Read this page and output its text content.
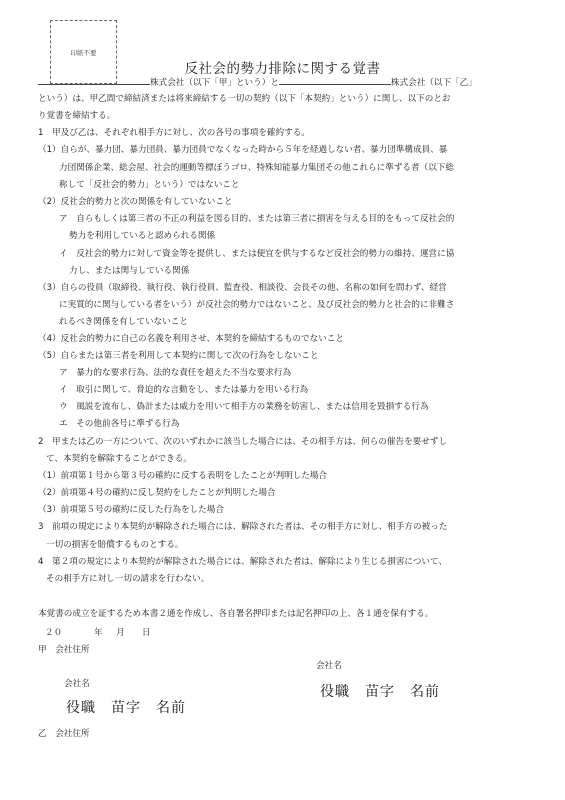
印紙不要
反社会的勢力排除に関する覚書
株式会社（以下「甲」という）と	株式会社（以下「乙」
という）は、甲乙間で締結済または将来締結する一切の契約（以下「本契約」という）に関し、以下のとお
り覚書を締結する。
1　甲及び乙は、それぞれ相手方に対し、次の各号の事項を確約する。
（1）自らが、暴力団、暴力団員、暴力団員でなくなった時から５年を経過しない者、暴力団準構成員、暴
力団関係企業、総会屋、社会的運動等標ぼうゴロ、特殊知能暴力集団その他これらに準ずる者（以下総
称して「反社会的勢力」という）ではないこと
（2）反社会的勢力と次の関係を有していないこと
ア　自らもしくは第三者の不正の利益を図る目的、または第三者に損害を与える目的をもって反社会的
勢力を利用していると認められる関係
イ　反社会的勢力に対して資金等を提供し、または便宜を供与するなど反社会的勢力の維持、運営に協
力し、または関与している関係
（3）自らの役員（取締役、執行役、執行役員、監査役、相談役、会長その他、名称の如何を問わず、経営
に実質的に関与している者をいう）が反社会的勢力ではないこと、及び反社会的勢力と社会的に非難さ
れるべき関係を有していないこと
（4）反社会的勢力に自己の名義を利用させ、本契約を締結するものでないこと
（5）自らまたは第三者を利用して本契約に関して次の行為をしないこと
ア　暴力的な要求行為、法的な責任を超えた不当な要求行為
イ　取引に関して、脅迫的な言動をし、または暴力を用いる行為
ウ　風説を流布し、偽計または威力を用いて相手方の業務を妨害し、または信用を毀損する行為
エ　その他前各号に準ずる行為
2　甲または乙の一方について、次のいずれかに該当した場合には、その相手方は、何らの催告を要せずし
て、本契約を解除することができる。
（1）前項第１号から第３号の確約に反する表明をしたことが判明した場合
（2）前項第４号の確約に反し契約をしたことが判明した場合
（3）前項第５号の確約に反した行為をした場合
3　前項の規定により本契約が解除された場合には、解除された者は、その相手方に対し、相手方の被った
一切の損害を賠償するものとする。
4　第２項の規定により本契約が解除された場合には、解除された者は、解除により生じる損害について、
その相手方に対し一切の請求を行わない。
本覚書の成立を証するため本書２通を作成し、各自署名押印または記名押印の上、各１通を保有する。
２０	年 月 日
甲　会社住所
会社名
役職　苗字　名前
会社名
役職　苗字　名前
乙　会社住所
